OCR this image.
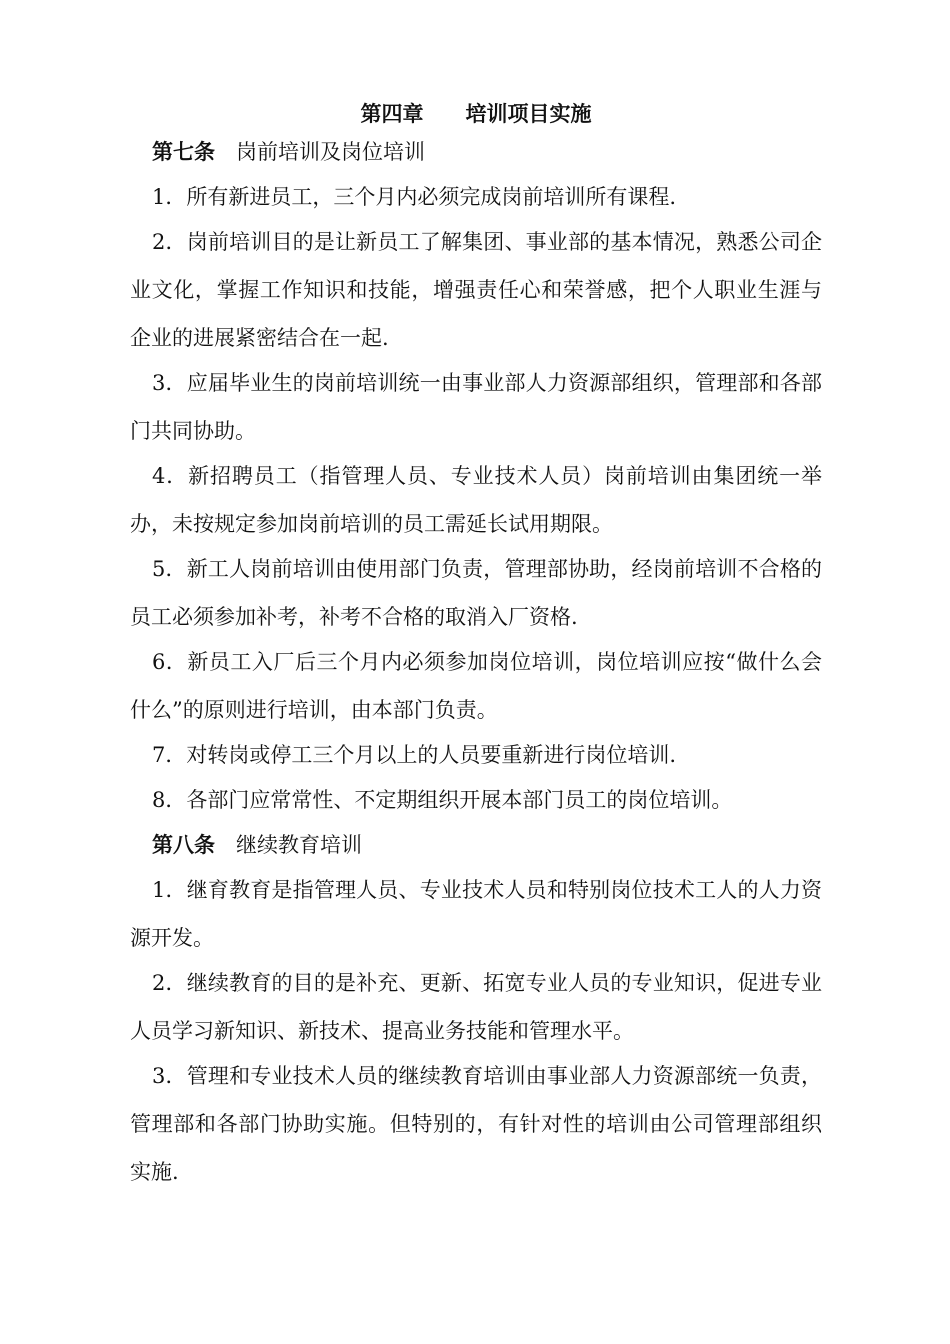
第四章　　培训项目实施
第七条　 岗前培训及岗位培训

1．所有新进员工，三个月内必须完成岗前培训所有课程.

2．岗前培训目的是让新员工了解集团、事业部的基本情况，熟悉公司企业文化，掌握工作知识和技能，增强责任心和荣誉感，把个人职业生涯与企业的进展紧密结合在一起.

3．应届毕业生的岗前培训统一由事业部人力资源部组织，管理部和各部门共同协助。

4．新招聘员工（指管理人员、专业技术人员）岗前培训由集团统一举办，未按规定参加岗前培训的员工需延长试用期限。

5．新工人岗前培训由使用部门负责，管理部协助，经岗前培训不合格的员工必须参加补考，补考不合格的取消入厂资格.

6．新员工入厂后三个月内必须参加岗位培训，岗位培训应按“做什么会什么”的原则进行培训，由本部门负责。

7．对转岗或停工三个月以上的人员要重新进行岗位培训.

8．各部门应常常性、不定期组织开展本部门员工的岗位培训。

第八条　 继续教育培训

1．继育教育是指管理人员、专业技术人员和特别岗位技术工人的人力资源开发。

2．继续教育的目的是补充、更新、拓宽专业人员的专业知识，促进专业人员学习新知识、新技术、提高业务技能和管理水平。

3．管理和专业技术人员的继续教育培训由事业部人力资源部统一负责，管理部和各部门协助实施。但特别的，有针对性的培训由公司管理部组织实施.
